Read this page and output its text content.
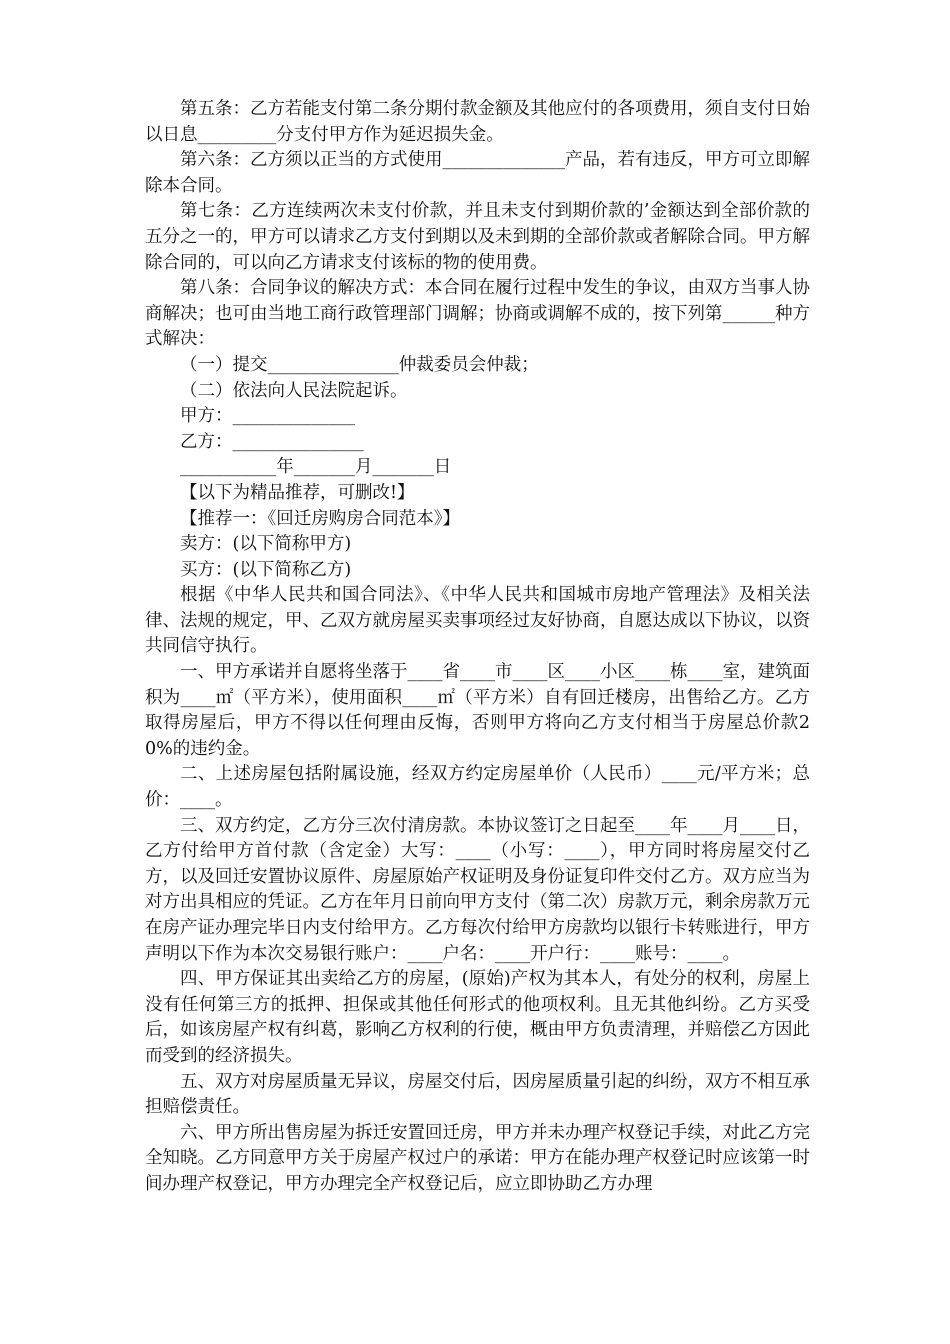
第五条：乙方若能支付第二条分期付款金额及其他应付的各项费用，须自支付日始以日息_________分支付甲方作为延迟损失金。

第六条：乙方须以正当的方式使用______________产品，若有违反，甲方可立即解除本合同。

第七条：乙方连续两次未支付价款，并且未支付到期价款的’金额达到全部价款的五分之一的，甲方可以请求乙方支付到期以及未到期的全部价款或者解除合同。甲方解除合同的，可以向乙方请求支付该标的物的使用费。

第八条：合同争议的解决方式：本合同在履行过程中发生的争议，由双方当事人协商解决；也可由当地工商行政管理部门调解；协商或调解不成的，按下列第______种方式解决：

（一）提交_______________仲裁委员会仲裁；

（二）依法向人民法院起诉。

甲方：______________

乙方：_______________

___________年_______月_______日

【以下为精品推荐，可删改!】

【推荐一：《回迁房购房合同范本》】

卖方：(以下简称甲方)

买方：(以下简称乙方)

根据《中华人民共和国合同法》、《中华人民共和国城市房地产管理法》及相关法律、法规的规定，甲、乙双方就房屋买卖事项经过友好协商，自愿达成以下协议，以资共同信守执行。

一、甲方承诺并自愿将坐落于____省____市____区____小区____栋____室，建筑面积为____㎡（平方米），使用面积____㎡（平方米）自有回迁楼房，出售给乙方。乙方取得房屋后，甲方不得以任何理由反悔，否则甲方将向乙方支付相当于房屋总价款20%的违约金。

二、上述房屋包括附属设施，经双方约定房屋单价（人民币）____元/平方米；总价：____。

三、双方约定，乙方分三次付清房款。本协议签订之日起至____年____月____日，乙方付给甲方首付款（含定金）大写：____（小写：____），甲方同时将房屋交付乙方，以及回迁安置协议原件、房屋原始产权证明及身份证复印件交付乙方。双方应当为对方出具相应的凭证。乙方在年月日前向甲方支付（第二次）房款万元，剩余房款万元在房产证办理完毕日内支付给甲方。乙方每次付给甲方房款均以银行卡转账进行，甲方声明以下作为本次交易银行账户：____户名：____开户行：____账号：____。

四、甲方保证其出卖给乙方的房屋，(原始)产权为其本人，有处分的权利，房屋上没有任何第三方的抵押、担保或其他任何形式的他项权利。且无其他纠纷。乙方买受后，如该房屋产权有纠葛，影响乙方权利的行使，概由甲方负责清理，并赔偿乙方因此而受到的经济损失。

五、双方对房屋质量无异议，房屋交付后，因房屋质量引起的纠纷，双方不相互承担赔偿责任。

六、甲方所出售房屋为拆迁安置回迁房，甲方并未办理产权登记手续，对此乙方完全知晓。乙方同意甲方关于房屋产权过户的承诺：甲方在能办理产权登记时应该第一时间办理产权登记，甲方办理完全产权登记后，应立即协助乙方办理
